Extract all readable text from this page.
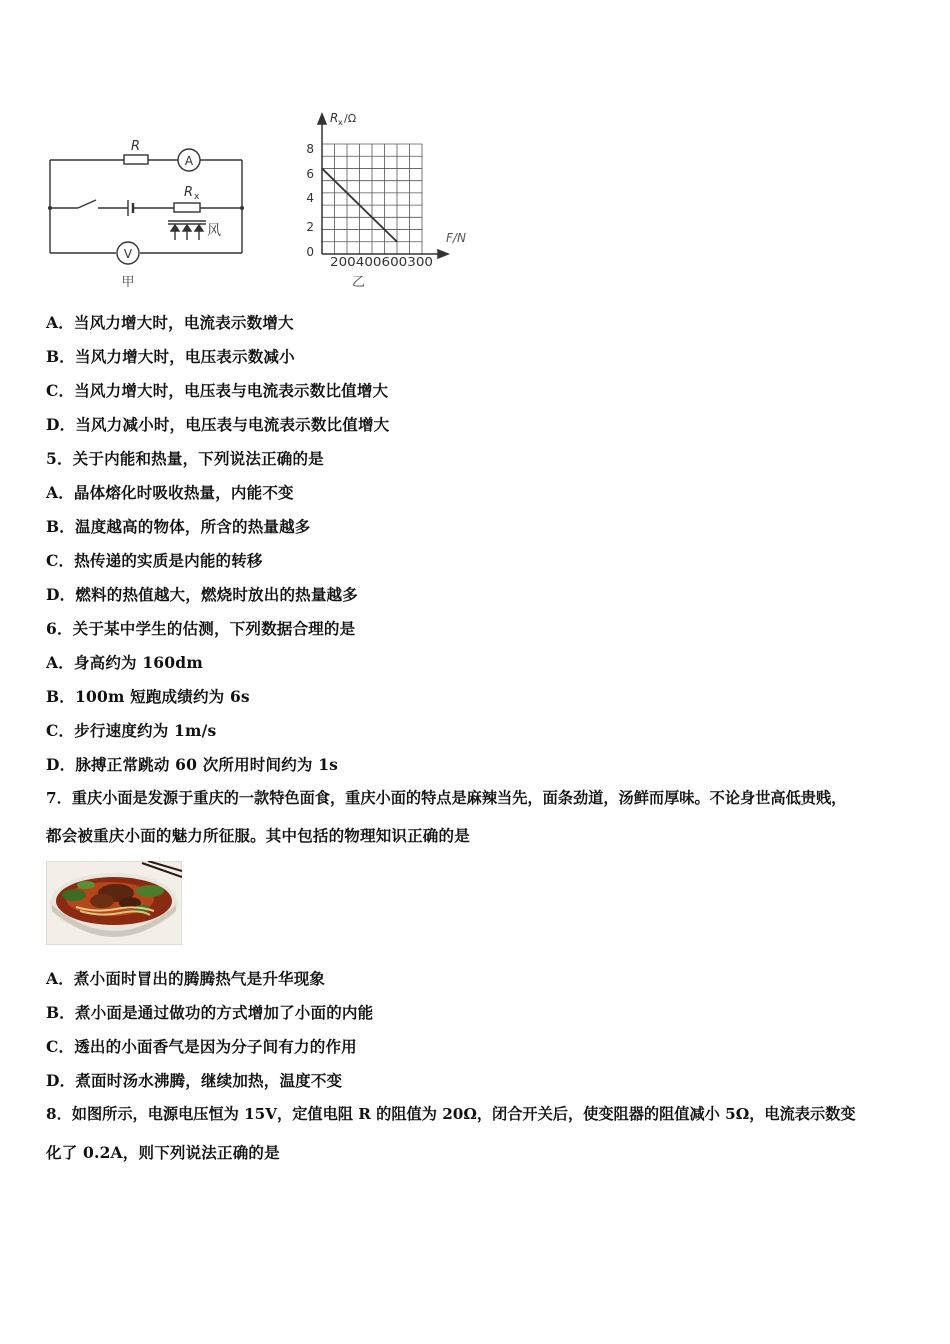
R
R x
A
V
风
甲
R x /Ω
F/N
8
6
4
2
0
200400600300
乙
A．当风力增大时，电流表示数增大
B．当风力增大时，电压表示数减小
C．当风力增大时，电压表与电流表示数比值增大
D．当风力减小时，电压表与电流表示数比值增大
5．关于内能和热量，下列说法正确的是
A．晶体熔化时吸收热量，内能不变
B．温度越高的物体，所含的热量越多
C．热传递的实质是内能的转移
D．燃料的热值越大，燃烧时放出的热量越多
6．关于某中学生的估测，下列数据合理的是
A．身高约为 160dm
B．100m 短跑成绩约为 6s
C．步行速度约为 1m/s
D．脉搏正常跳动 60 次所用时间约为 1s
7．重庆小面是发源于重庆的一款特色面食，重庆小面的特点是麻辣当先，面条劲道，汤鲜而厚味。不论身世高低贵贱，
都会被重庆小面的魅力所征服。其中包括的物理知识正确的是
A．煮小面时冒出的腾腾热气是升华现象
B．煮小面是通过做功的方式增加了小面的内能
C．透出的小面香气是因为分子间有力的作用
D．煮面时汤水沸腾，继续加热，温度不变
8．如图所示，电源电压恒为 15V，定值电阻 R 的阻值为 20Ω，闭合开关后，使变阻器的阻值减小 5Ω，电流表示数变
化了 0.2A，则下列说法正确的是
